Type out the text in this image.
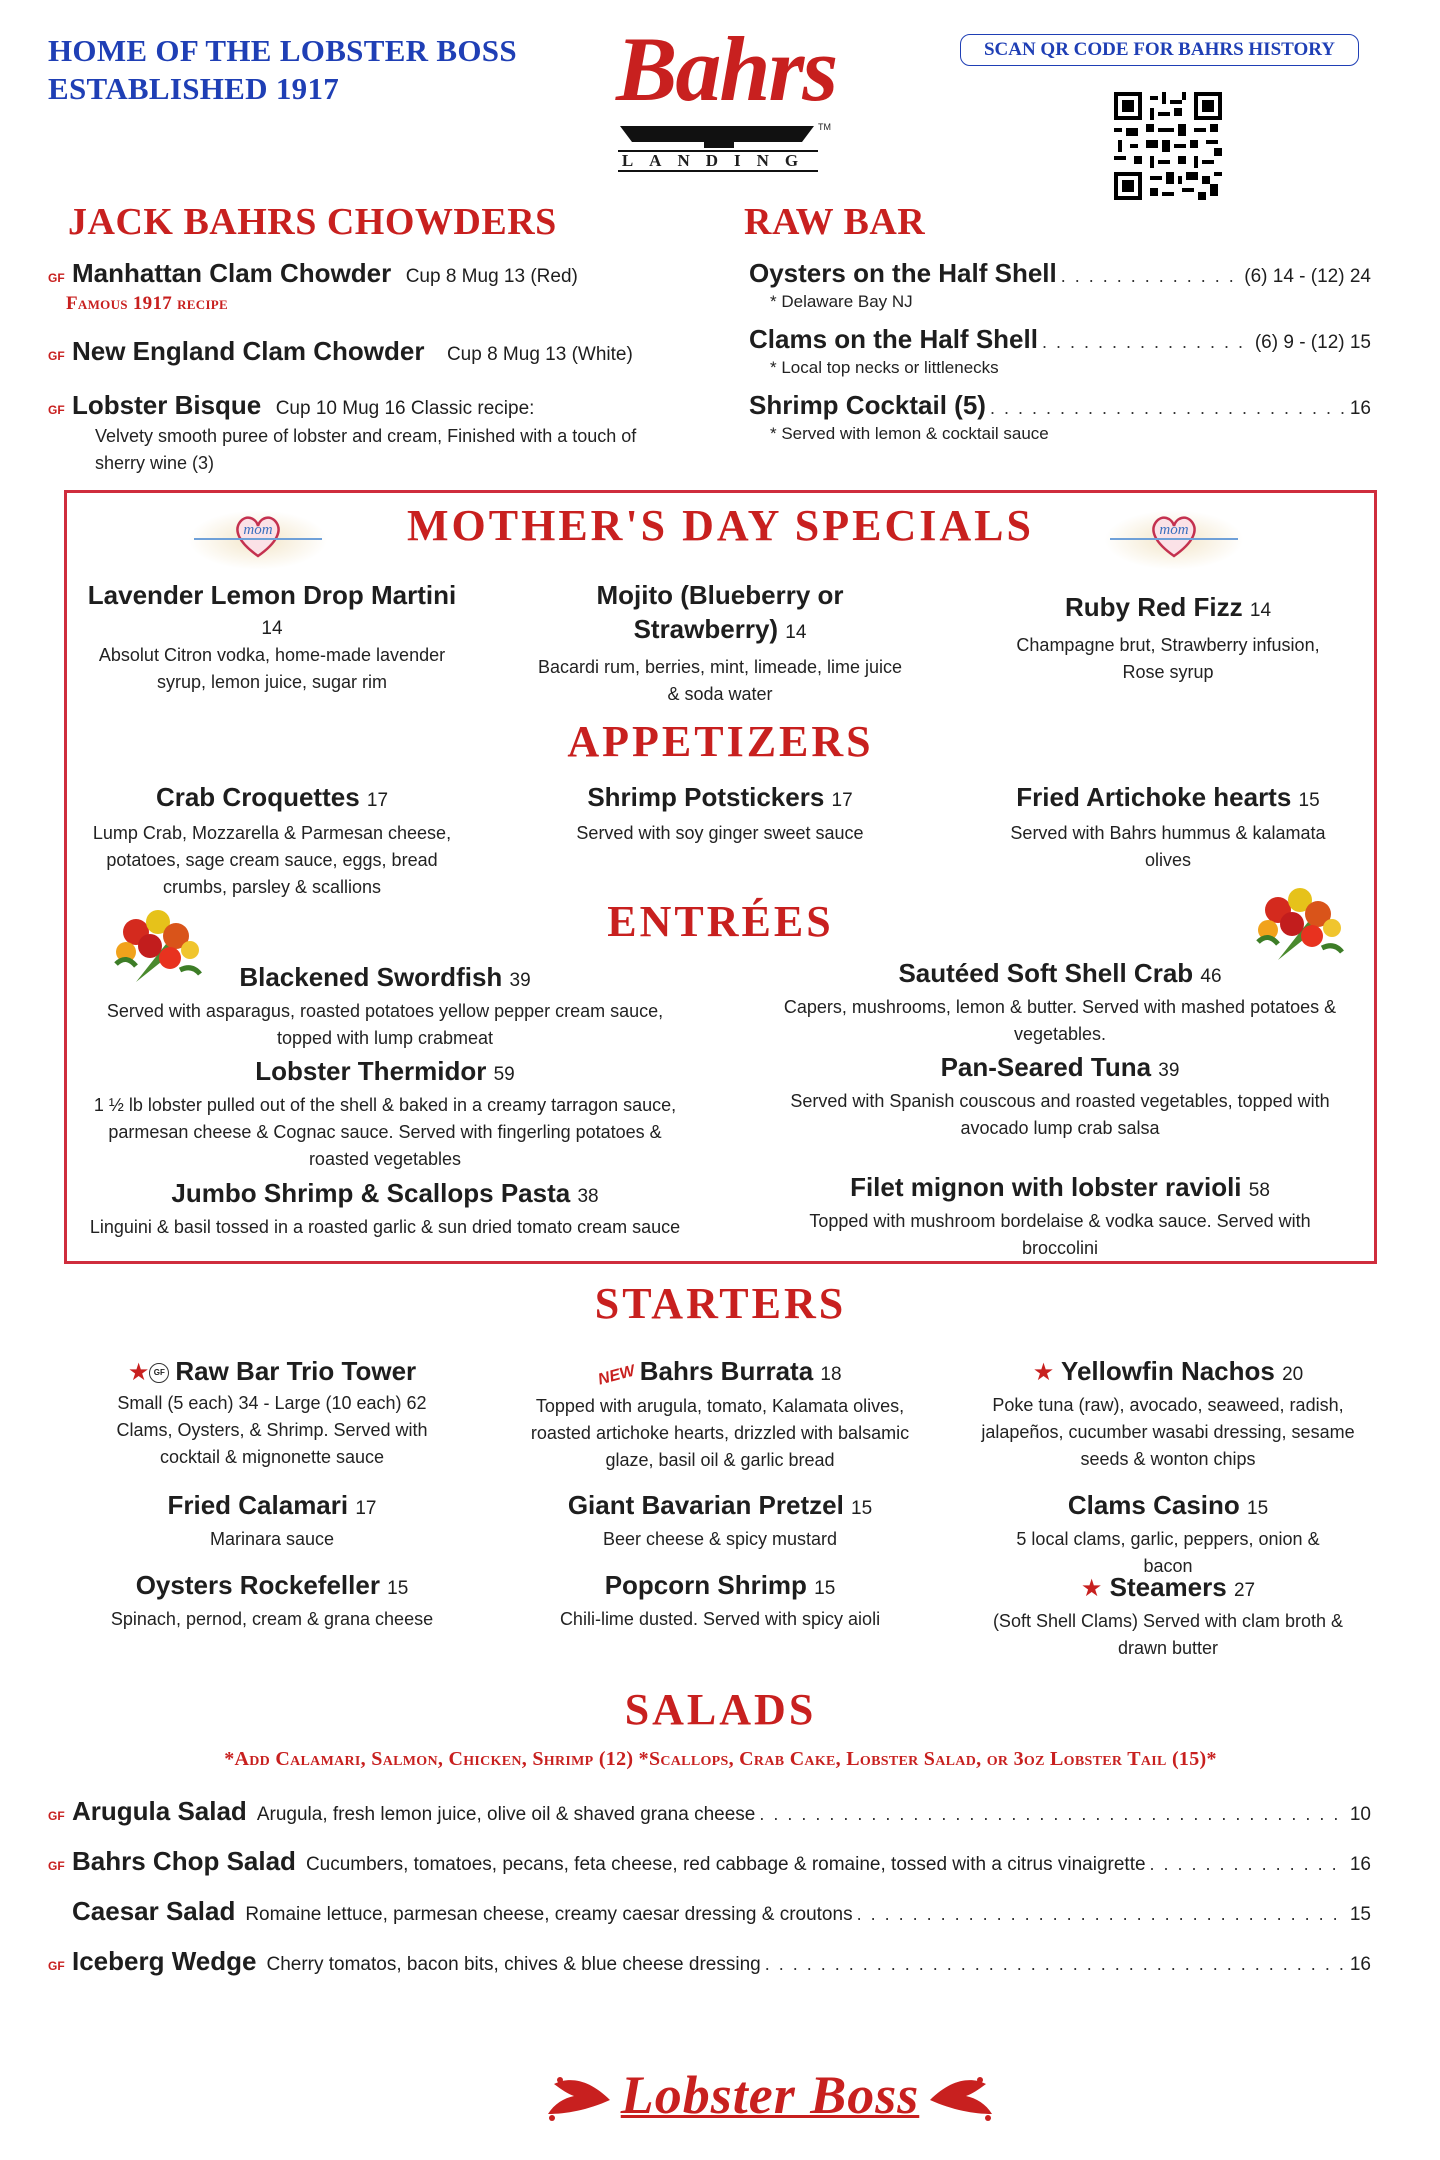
HOME OF THE LOBSTER BOSS
ESTABLISHED 1917	Bahrs
LANDING
TM
SCAN QR CODE FOR BAHRS HISTORY
JACK BAHRS CHOWDERS
GF Manhattan Clam Chowder Cup 8 Mug 13 (Red)
Famous 1917 recipe
GF New England Clam Chowder Cup 8 Mug 13 (White)
GF Lobster Bisque Cup 10 Mug 16 Classic recipe:
Velvety smooth puree of lobster and cream, Finished with a touch of sherry wine (3)
RAW BAR
Oysters on the Half Shell . . .	(6) 14 - (12) 24
* Delaware Bay NJ
Clams on the Half Shell . . .	(6) 9 - (12) 15
* Local top necks or littlenecks
Shrimp Cocktail (5) . . .	16
* Served with lemon & cocktail sauce
mom	mom
MOTHER'S DAY SPECIALS
Lavender Lemon Drop Martini
14
Absolut Citron vodka, home-made lavender syrup, lemon juice, sugar rim
Mojito (Blueberry or Strawberry) 14
Bacardi rum, berries, mint, limeade, lime juice & soda water
Ruby Red Fizz 14
Champagne brut, Strawberry infusion, Rose syrup
APPETIZERS
Crab Croquettes 17
Lump Crab, Mozzarella & Parmesan cheese, potatoes, sage cream sauce, eggs, bread crumbs, parsley & scallions
Shrimp Potstickers 17
Served with soy ginger sweet sauce
Fried Artichoke hearts 15
Served with Bahrs hummus & kalamata olives
ENTRÉES
Blackened Swordfish 39
Served with asparagus, roasted potatoes yellow pepper cream sauce, topped with lump crabmeat
Lobster Thermidor 59
1 ½ lb lobster pulled out of the shell & baked in a creamy tarragon sauce, parmesan cheese & Cognac sauce. Served with fingerling potatoes & roasted vegetables
Jumbo Shrimp & Scallops Pasta 38
Linguini & basil tossed in a roasted garlic & sun dried tomato cream sauce
Sautéed Soft Shell Crab 46
Capers, mushrooms, lemon & butter. Served with mashed potatoes & vegetables.
Pan-Seared Tuna 39
Served with Spanish couscous and roasted vegetables, topped with avocado lump crab salsa
Filet mignon with lobster ravioli 58
Topped with mushroom bordelaise & vodka sauce. Served with broccolini
STARTERS
★ GF Raw Bar Trio Tower
Small (5 each) 34 - Large (10 each) 62 Clams, Oysters, & Shrimp. Served with cocktail & mignonette sauce
NEWBahrs Burrata 18
Topped with arugula, tomato, Kalamata olives, roasted artichoke hearts, drizzled with balsamic glaze, basil oil & garlic bread
★ Yellowfin Nachos 20
Poke tuna (raw), avocado, seaweed, radish, jalapeños, cucumber wasabi dressing, sesame seeds & wonton chips
Fried Calamari 17
Marinara sauce
Giant Bavarian Pretzel 15
Beer cheese & spicy mustard
Clams Casino 15
5 local clams, garlic, peppers, onion & bacon
Oysters Rockefeller 15
Spinach, pernod, cream & grana cheese
Popcorn Shrimp 15
Chili-lime dusted. Served with spicy aioli
★ Steamers 27
(Soft Shell Clams) Served with clam broth & drawn butter
SALADS
*Add Calamari, Salmon, Chicken, Shrimp (12) *Scallops, Crab Cake, Lobster Salad, or 3oz Lobster Tail (15)*
GF Arugula Salad Arugula, fresh lemon juice, olive oil & shaved grana cheese . . .	10
GF Bahrs Chop Salad Cucumbers, tomatoes, pecans, feta cheese, red cabbage & romaine, tossed with a citrus vinaigrette . . .	16
Caesar Salad Romaine lettuce, parmesan cheese, creamy caesar dressing & croutons . . .	15
GF Iceberg Wedge Cherry tomatos, bacon bits, chives & blue cheese dressing . . .	16
Lobster Boss
